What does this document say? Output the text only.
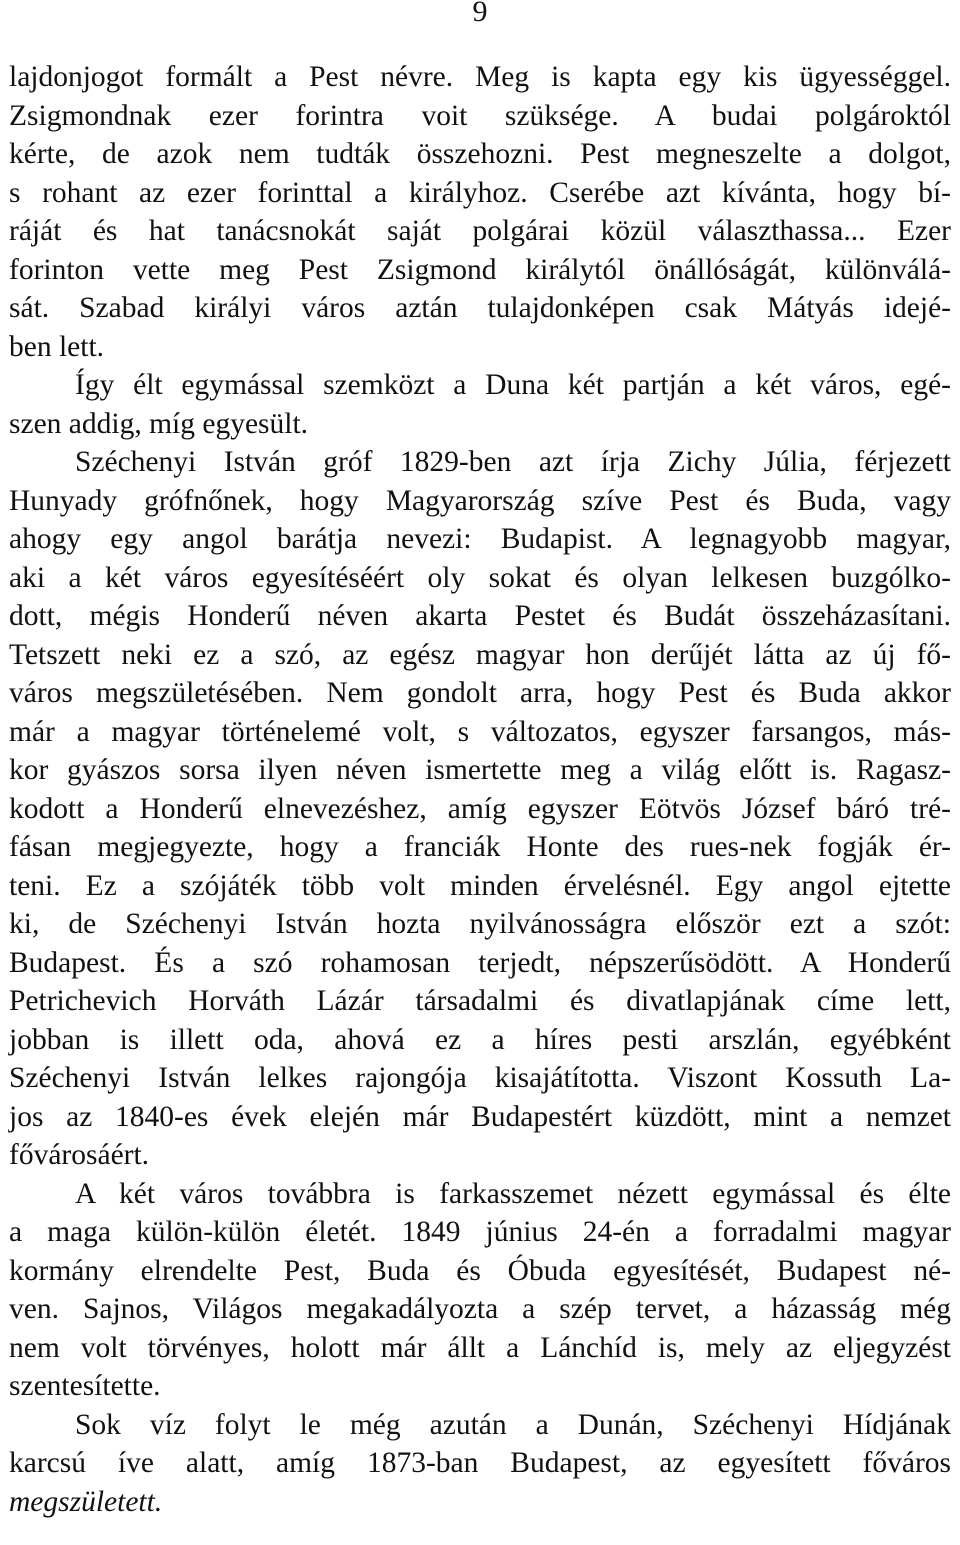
9
lajdonjogot formált a Pest névre. Meg is kapta egy kis ügyességgel.
Zsigmondnak ezer forintra voit szüksége. A budai polgároktól
kérte, de azok nem tudták összehozni. Pest megneszelte a dolgot,
s rohant az ezer forinttal a királyhoz. Cserébe azt kívánta, hogy bí-
ráját és hat tanácsnokát saját polgárai közül választhassa... Ezer
forinton vette meg Pest Zsigmond királytól önállóságát, különválá-
sát. Szabad királyi város aztán tulajdonképen csak Mátyás idejé-
ben lett.
Így élt egymással szemközt a Duna két partján a két város, egé-
szen addig, míg egyesült.
Széchenyi István gróf 1829-ben azt írja Zichy Júlia, férjezett
Hunyady grófnőnek, hogy Magyarország szíve Pest és Buda, vagy
ahogy egy angol barátja nevezi: Budapist. A legnagyobb magyar,
aki a két város egyesítéséért oly sokat és olyan lelkesen buzgólko-
dott, mégis Honderű néven akarta Pestet és Budát összeházasítani.
Tetszett neki ez a szó, az egész magyar hon derűjét látta az új fő-
város megszületésében. Nem gondolt arra, hogy Pest és Buda akkor
már a magyar történelemé volt, s változatos, egyszer farsangos, más-
kor gyászos sorsa ilyen néven ismertette meg a világ előtt is. Ragasz-
kodott a Honderű elnevezéshez, amíg egyszer Eötvös József báró tré-
fásan megjegyezte, hogy a franciák Honte des rues-nek fogják ér-
teni. Ez a szójáték több volt minden érvelésnél. Egy angol ejtette
ki, de Széchenyi István hozta nyilvánosságra először ezt a szót:
Budapest. És a szó rohamosan terjedt, népszerűsödött. A Honderű
Petrichevich Horváth Lázár társadalmi és divatlapjának címe lett,
jobban is illett oda, ahová ez a híres pesti arszlán, egyébként
Széchenyi István lelkes rajongója kisajátította. Viszont Kossuth La-
jos az 1840-es évek elején már Budapestért küzdött, mint a nemzet
fővárosáért.
A két város továbbra is farkasszemet nézett egymással és élte
a maga külön-külön életét. 1849 június 24-én a forradalmi magyar
kormány elrendelte Pest, Buda és Óbuda egyesítését, Budapest né-
ven. Sajnos, Világos megakadályozta a szép tervet, a házasság még
nem volt törvényes, holott már állt a Lánchíd is, mely az eljegyzést
szentesítette.
Sok víz folyt le még azután a Dunán, Széchenyi Hídjának
karcsú íve alatt, amíg 1873-ban Budapest, az egyesített főváros
megszületett.
